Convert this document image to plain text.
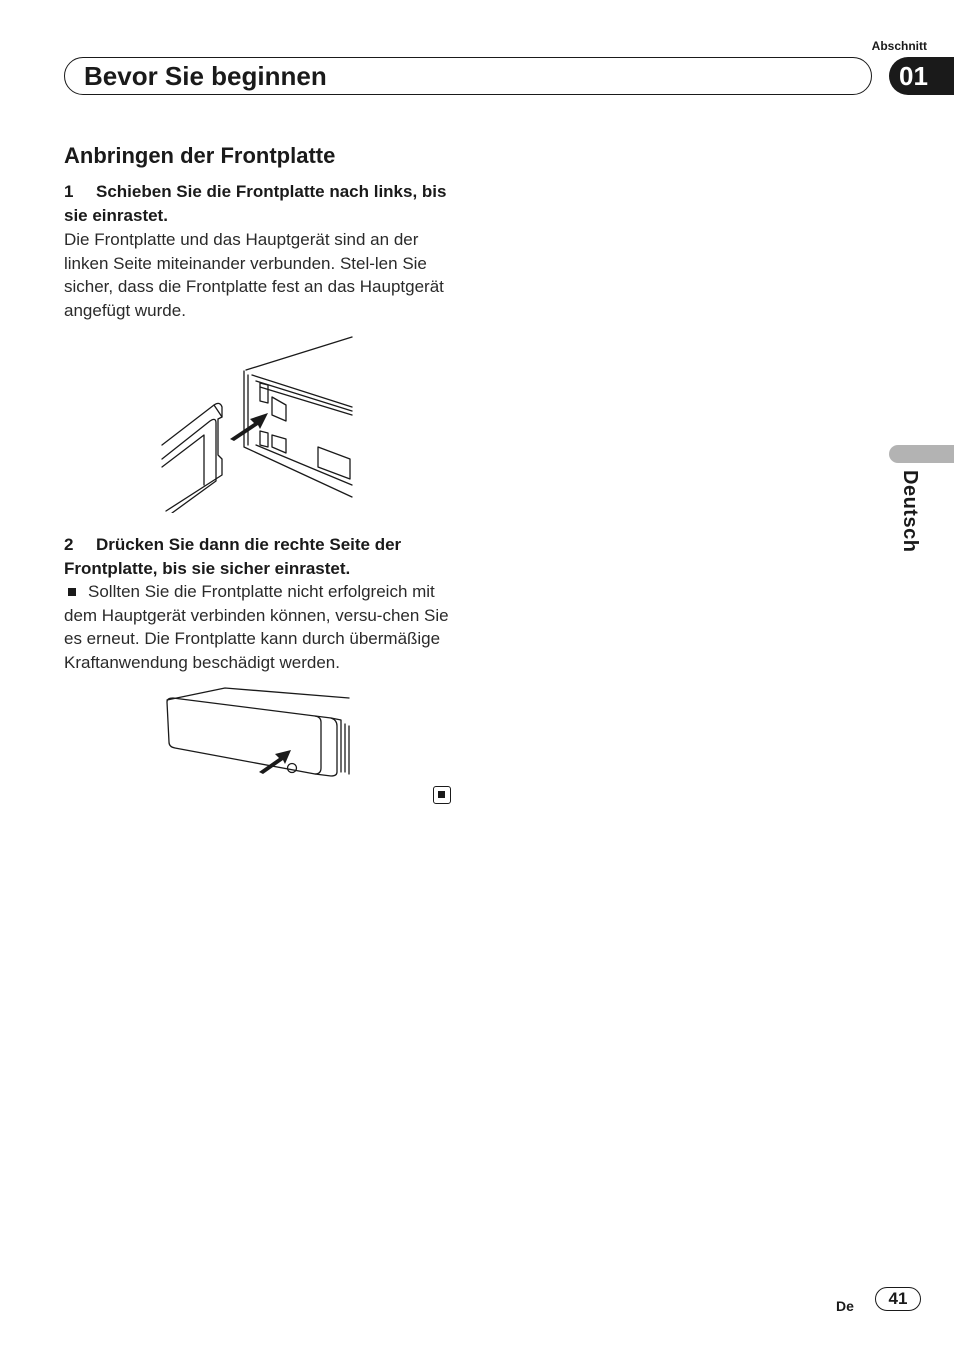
Abschnitt
Bevor Sie beginnen	01
Deutsch
Anbringen der Frontplatte
1 Schieben Sie die Frontplatte nach links, bis sie einrastet.
Die Frontplatte und das Hauptgerät sind an der linken Seite miteinander verbunden. Stel-len Sie sicher, dass die Frontplatte fest an das Hauptgerät angefügt wurde.
2 Drücken Sie dann die rechte Seite der Frontplatte, bis sie sicher einrastet.
Sollten Sie die Frontplatte nicht erfolgreich mit dem Hauptgerät verbinden können, versu-chen Sie es erneut. Die Frontplatte kann durch übermäßige Kraftanwendung beschädigt werden.
De	41
